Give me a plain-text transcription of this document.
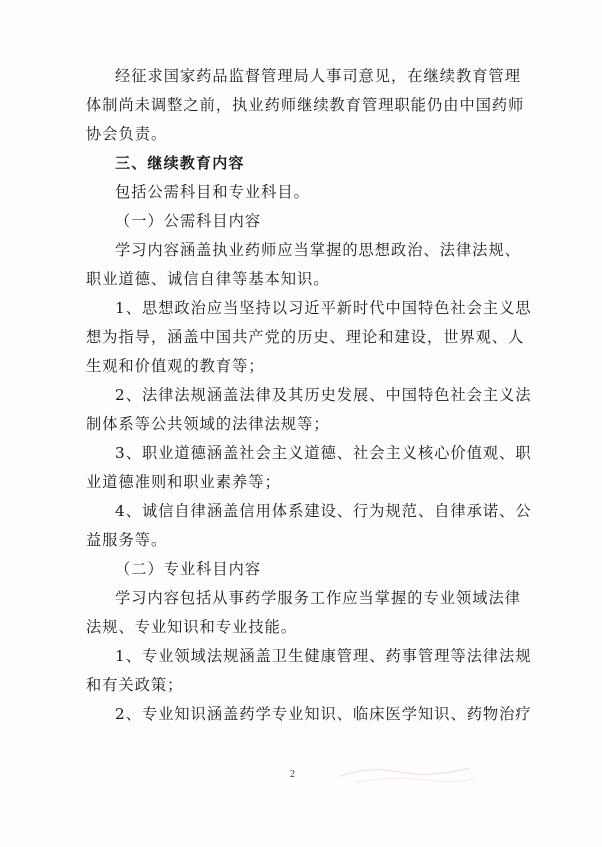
经征求国家药品监督管理局人事司意见，在继续教育管理
体制尚未调整之前，执业药师继续教育管理职能仍由中国药师
协会负责。
三、继续教育内容
包括公需科目和专业科目。
（一）公需科目内容
学习内容涵盖执业药师应当掌握的思想政治、法律法规、
职业道德、诚信自律等基本知识。
1、思想政治应当坚持以习近平新时代中国特色社会主义思
想为指导，涵盖中国共产党的历史、理论和建设，世界观、人
生观和价值观的教育等；
2、法律法规涵盖法律及其历史发展、中国特色社会主义法
制体系等公共领域的法律法规等；
3、职业道德涵盖社会主义道德、社会主义核心价值观、职
业道德准则和职业素养等；
4、诚信自律涵盖信用体系建设、行为规范、自律承诺、公
益服务等。
（二）专业科目内容
学习内容包括从事药学服务工作应当掌握的专业领域法律
法规、专业知识和专业技能。
1、专业领域法规涵盖卫生健康管理、药事管理等法律法规
和有关政策；
2、专业知识涵盖药学专业知识、临床医学知识、药物治疗
2
